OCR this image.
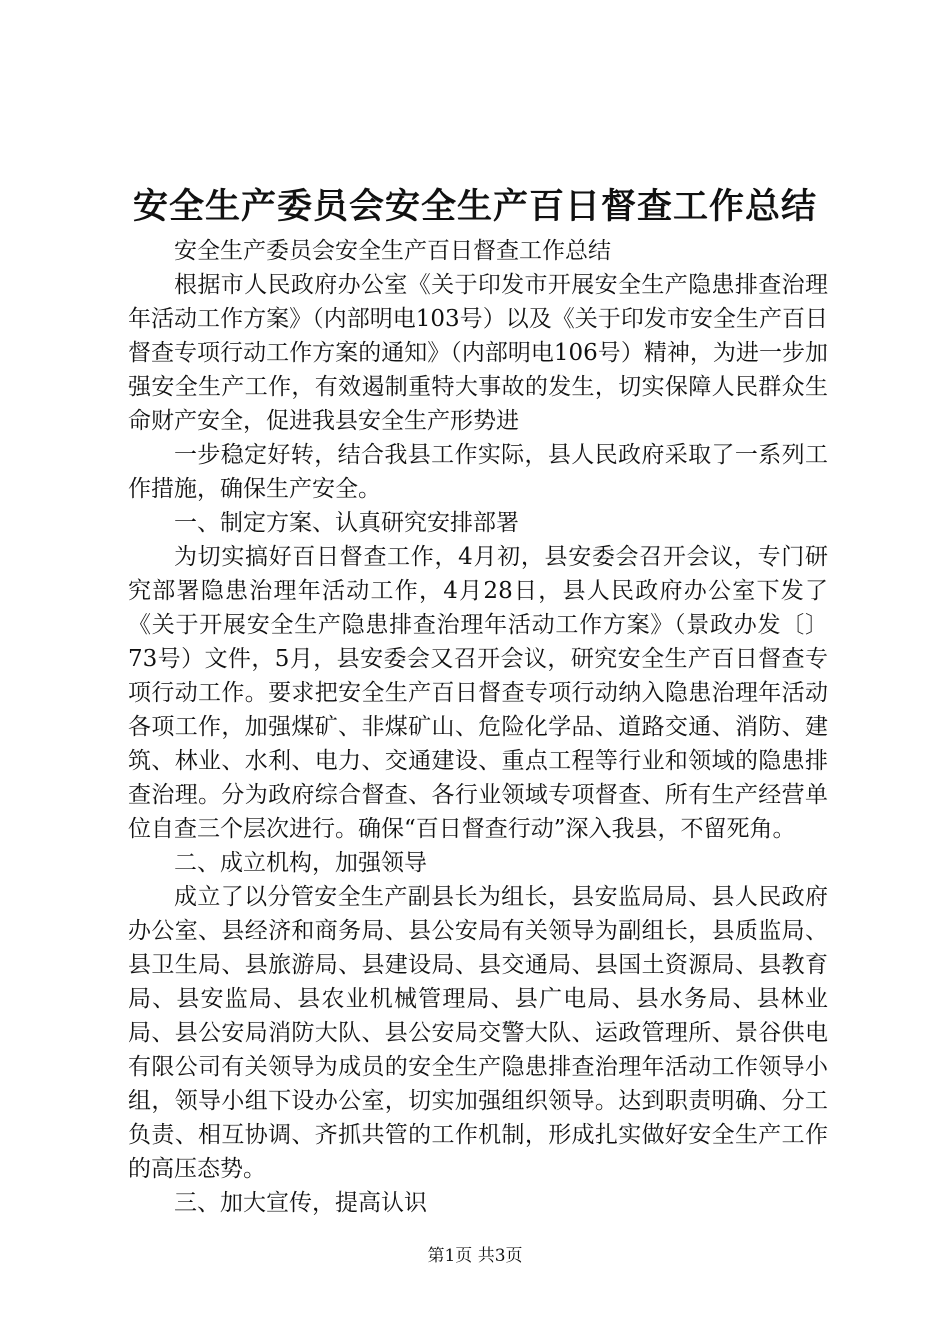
安全生产委员会安全生产百日督查工作总结

安全生产委员会安全生产百日督查工作总结

根据市人民政府办公室《关于印发市开展安全生产隐患排查治理年活动工作方案》（内部明电103号）以及《关于印发市安全生产百日督查专项行动工作方案的通知》（内部明电106号）精神，为进一步加强安全生产工作，有效遏制重特大事故的发生，切实保障人民群众生命财产安全，促进我县安全生产形势进

一步稳定好转，结合我县工作实际，县人民政府采取了一系列工作措施，确保生产安全。

一、制定方案、认真研究安排部署

为切实搞好百日督查工作，4月初，县安委会召开会议，专门研究部署隐患治理年活动工作，4月28日，县人民政府办公室下发了《关于开展安全生产隐患排查治理年活动工作方案》（景政办发〔〕73号）文件，5月，县安委会又召开会议，研究安全生产百日督查专项行动工作。要求把安全生产百日督查专项行动纳入隐患治理年活动各项工作，加强煤矿、非煤矿山、危险化学品、道路交通、消防、建筑、林业、水利、电力、交通建设、重点工程等行业和领域的隐患排查治理。分为政府综合督查、各行业领域专项督查、所有生产经营单位自查三个层次进行。确保“百日督查行动”深入我县，不留死角。

二、成立机构，加强领导

成立了以分管安全生产副县长为组长，县安监局局、县人民政府办公室、县经济和商务局、县公安局有关领导为副组长，县质监局、县卫生局、县旅游局、县建设局、县交通局、县国土资源局、县教育局、县安监局、县农业机械管理局、县广电局、县水务局、县林业局、县公安局消防大队、县公安局交警大队、运政管理所、景谷供电有限公司有关领导为成员的安全生产隐患排查治理年活动工作领导小组，领导小组下设办公室，切实加强组织领导。达到职责明确、分工负责、相互协调、齐抓共管的工作机制，形成扎实做好安全生产工作的高压态势。

三、加大宣传，提高认识

第1页 共3页
